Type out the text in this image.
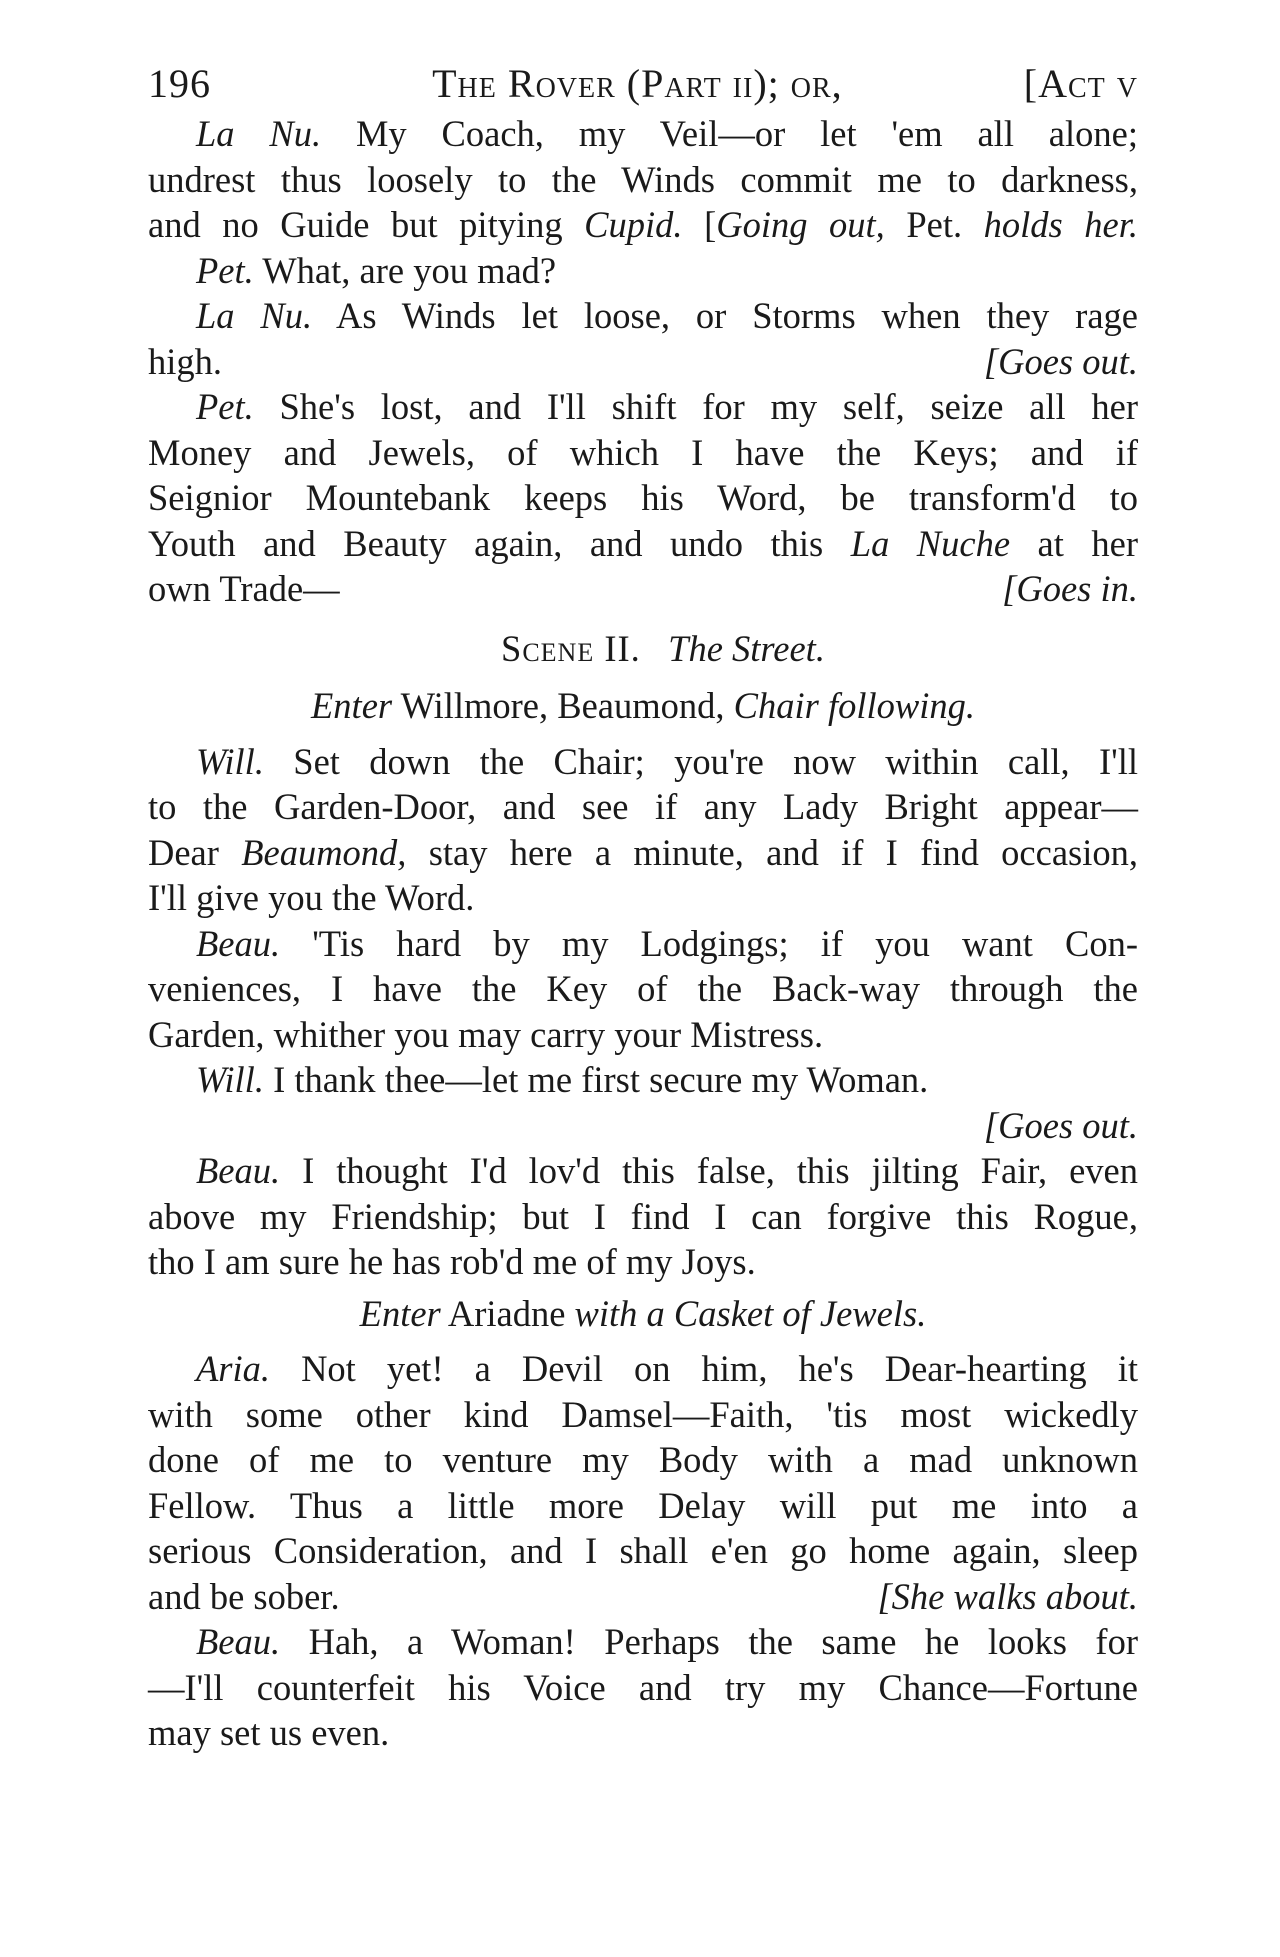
196	The Rover (Part ii); or,	[Act v

La Nu. My Coach, my Veil—or let 'em all alone;

undrest thus loosely to the Winds commit me to darkness,

and no Guide but pitying Cupid. [Going out, Pet. holds her.

Pet. What, are you mad?

La Nu. As Winds let loose, or Storms when they rage

high.	[Goes out.

Pet. She's lost, and I'll shift for my self, seize all her

Money and Jewels, of which I have the Keys; and if

Seignior Mountebank keeps his Word, be transform'd to

Youth and Beauty again, and undo this La Nuche at her

own Trade—	[Goes in.
Scene II. The Street.
Enter Willmore, Beaumond, Chair following.

Will. Set down the Chair; you're now within call, I'll

to the Garden-Door, and see if any Lady Bright appear—

Dear Beaumond, stay here a minute, and if I find occasion,

I'll give you the Word.

Beau. 'Tis hard by my Lodgings; if you want Con-

veniences, I have the Key of the Back-way through the

Garden, whither you may carry your Mistress.

Will. I thank thee—let me first secure my Woman.

[Goes out.

Beau. I thought I'd lov'd this false, this jilting Fair, even

above my Friendship; but I find I can forgive this Rogue,

tho I am sure he has rob'd me of my Joys.

Enter Ariadne with a Casket of Jewels.

Aria. Not yet! a Devil on him, he's Dear-hearting it

with some other kind Damsel—Faith, 'tis most wickedly

done of me to venture my Body with a mad unknown

Fellow. Thus a little more Delay will put me into a

serious Consideration, and I shall e'en go home again, sleep

and be sober.	[She walks about.

Beau. Hah, a Woman! Perhaps the same he looks for

—I'll counterfeit his Voice and try my Chance—Fortune

may set us even.
